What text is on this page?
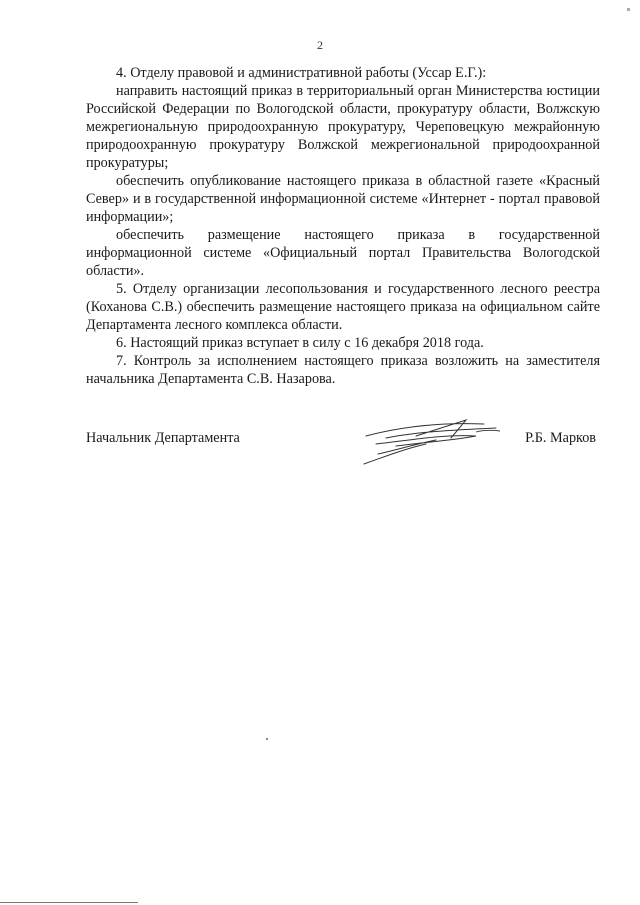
2

4. Отделу правовой и административной работы (Уссар Е.Г.):

направить настоящий приказ в территориальный орган Министерства юстиции Российской Федерации по Вологодской области, прокуратуру области, Волжскую межрегиональную природоохранную прокуратуру, Череповецкую межрайонную природоохранную прокуратуру Волжской межрегиональной природоохранной прокуратуры;

обеспечить опубликование настоящего приказа в областной газете «Красный Север» и в государственной информационной системе «Интернет - портал правовой информации»;

обеспечить размещение настоящего приказа в государственной информационной системе «Официальный портал Правительства Вологодской области».

5. Отделу организации лесопользования и государственного лесного реестра (Коханова С.В.) обеспечить размещение настоящего приказа на официальном сайте Департамента лесного комплекса области.

6. Настоящий приказ вступает в силу с 16 декабря 2018 года.

7. Контроль за исполнением настоящего приказа возложить на заместителя начальника Департамента С.В. Назарова.

Начальник Департамента	Р.Б. Марков
